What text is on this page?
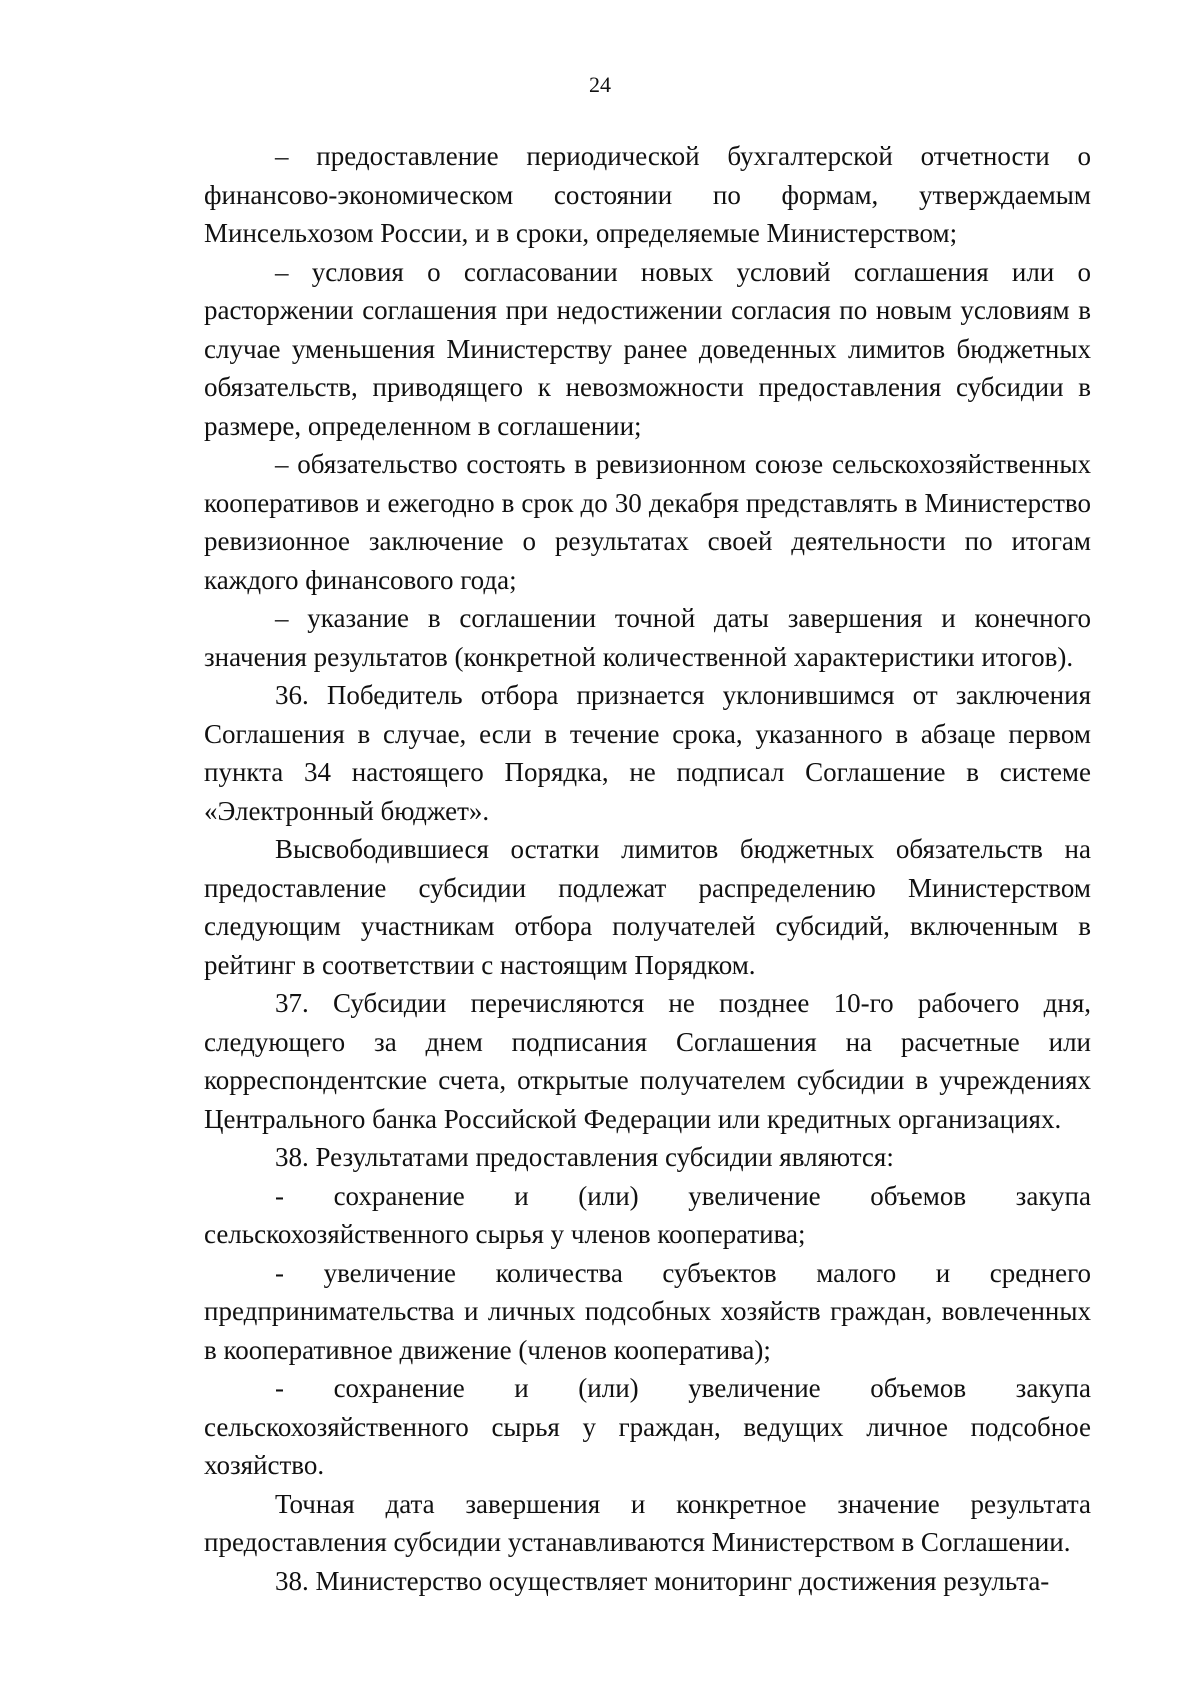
24

– предоставление периодической бухгалтерской отчетности о финансово-экономическом состоянии по формам, утверждаемым Минсельхозом России, и в сроки, определяемые Министерством;

– условия о согласовании новых условий соглашения или о расторжении соглашения при недостижении согласия по новым условиям в случае уменьшения Министерству ранее доведенных лимитов бюджетных обязательств, приводящего к невозможности предоставления субсидии в размере, определенном в соглашении;

– обязательство состоять в ревизионном союзе сельскохозяйственных кооперативов и ежегодно в срок до 30 декабря представлять в Министерство ревизионное заключение о результатах своей деятельности по итогам каждого финансового года;

– указание в соглашении точной даты завершения и конечного значения результатов (конкретной количественной характеристики итогов).

36. Победитель отбора признается уклонившимся от заключения Соглашения в случае, если в течение срока, указанного в абзаце первом пункта 34 настоящего Порядка, не подписал Соглашение в системе «Электронный бюджет».

Высвободившиеся остатки лимитов бюджетных обязательств на предоставление субсидии подлежат распределению Министерством следующим участникам отбора получателей субсидий, включенным в рейтинг в соответствии с настоящим Порядком.

37. Субсидии перечисляются не позднее 10-го рабочего дня, следующего за днем подписания Соглашения на расчетные или корреспондентские счета, открытые получателем субсидии в учреждениях Центрального банка Российской Федерации или кредитных организациях.

38. Результатами предоставления субсидии являются:

- сохранение и (или) увеличение объемов закупа сельскохозяйственного сырья у членов кооператива;

- увеличение количества субъектов малого и среднего предпринимательства и личных подсобных хозяйств граждан, вовлеченных в кооперативное движение (членов кооператива);

- сохранение и (или) увеличение объемов закупа сельскохозяйственного сырья у граждан, ведущих личное подсобное хозяйство.

Точная дата завершения и конкретное значение результата предоставления субсидии устанавливаются Министерством в Соглашении.

38. Министерство осуществляет мониторинг достижения результа-
